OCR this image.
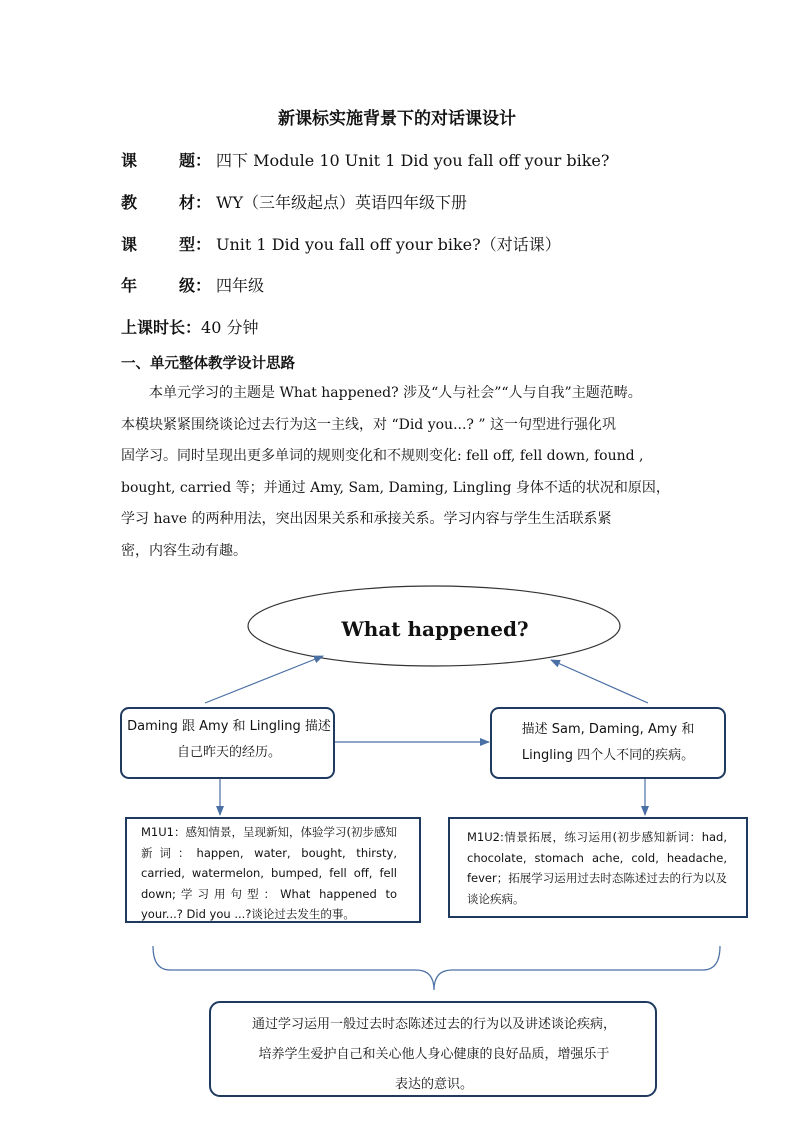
新课标实施背景下的对话课设计
课	题： 四下 Module 10 Unit 1 Did you fall off your bike?
教	材： WY（三年级起点）英语四年级下册
课	型：Unit 1 Did you fall off your bike?（对话课）
年	级： 四年级
上课时长：40 分钟
一、单元整体教学设计思路

本单元学习的主题是 What happened? 涉及“人与社会”“人与自我”主题范畴。

本模块紧紧围绕谈论过去行为这一主线，对 “Did you...? ” 这一句型进行强化巩

固学习。同时呈现出更多单词的规则变化和不规则变化: fell off, fell down, found ,

bought, carried 等；并通过 Amy, Sam, Daming, Lingling 身体不适的状况和原因，

学习 have 的两种用法，突出因果关系和承接关系。学习内容与学生生活联系紧

密，内容生动有趣。

What happened?
Daming 跟 Amy 和 Lingling 描述
自己昨天的经历。
描述 Sam, Daming, Amy 和
Lingling 四个人不同的疾病。
M1U1：感知情景，呈现新知，体验学习(初步感知新词：happen, water, bought, thirsty, carried, watermelon, bumped, fell off, fell down;学习用句型：What happened to your...? Did you ...?谈论过去发生的事。
M1U2:情景拓展，练习运用(初步感知新词：had, chocolate, stomach ache, cold, headache, fever；拓展学习运用过去时态陈述过去的行为以及谈论疾病。
通过学习运用一般过去时态陈述过去的行为以及讲述谈论疾病，
培养学生爱护自己和关心他人身心健康的良好品质，增强乐于
表达的意识。
